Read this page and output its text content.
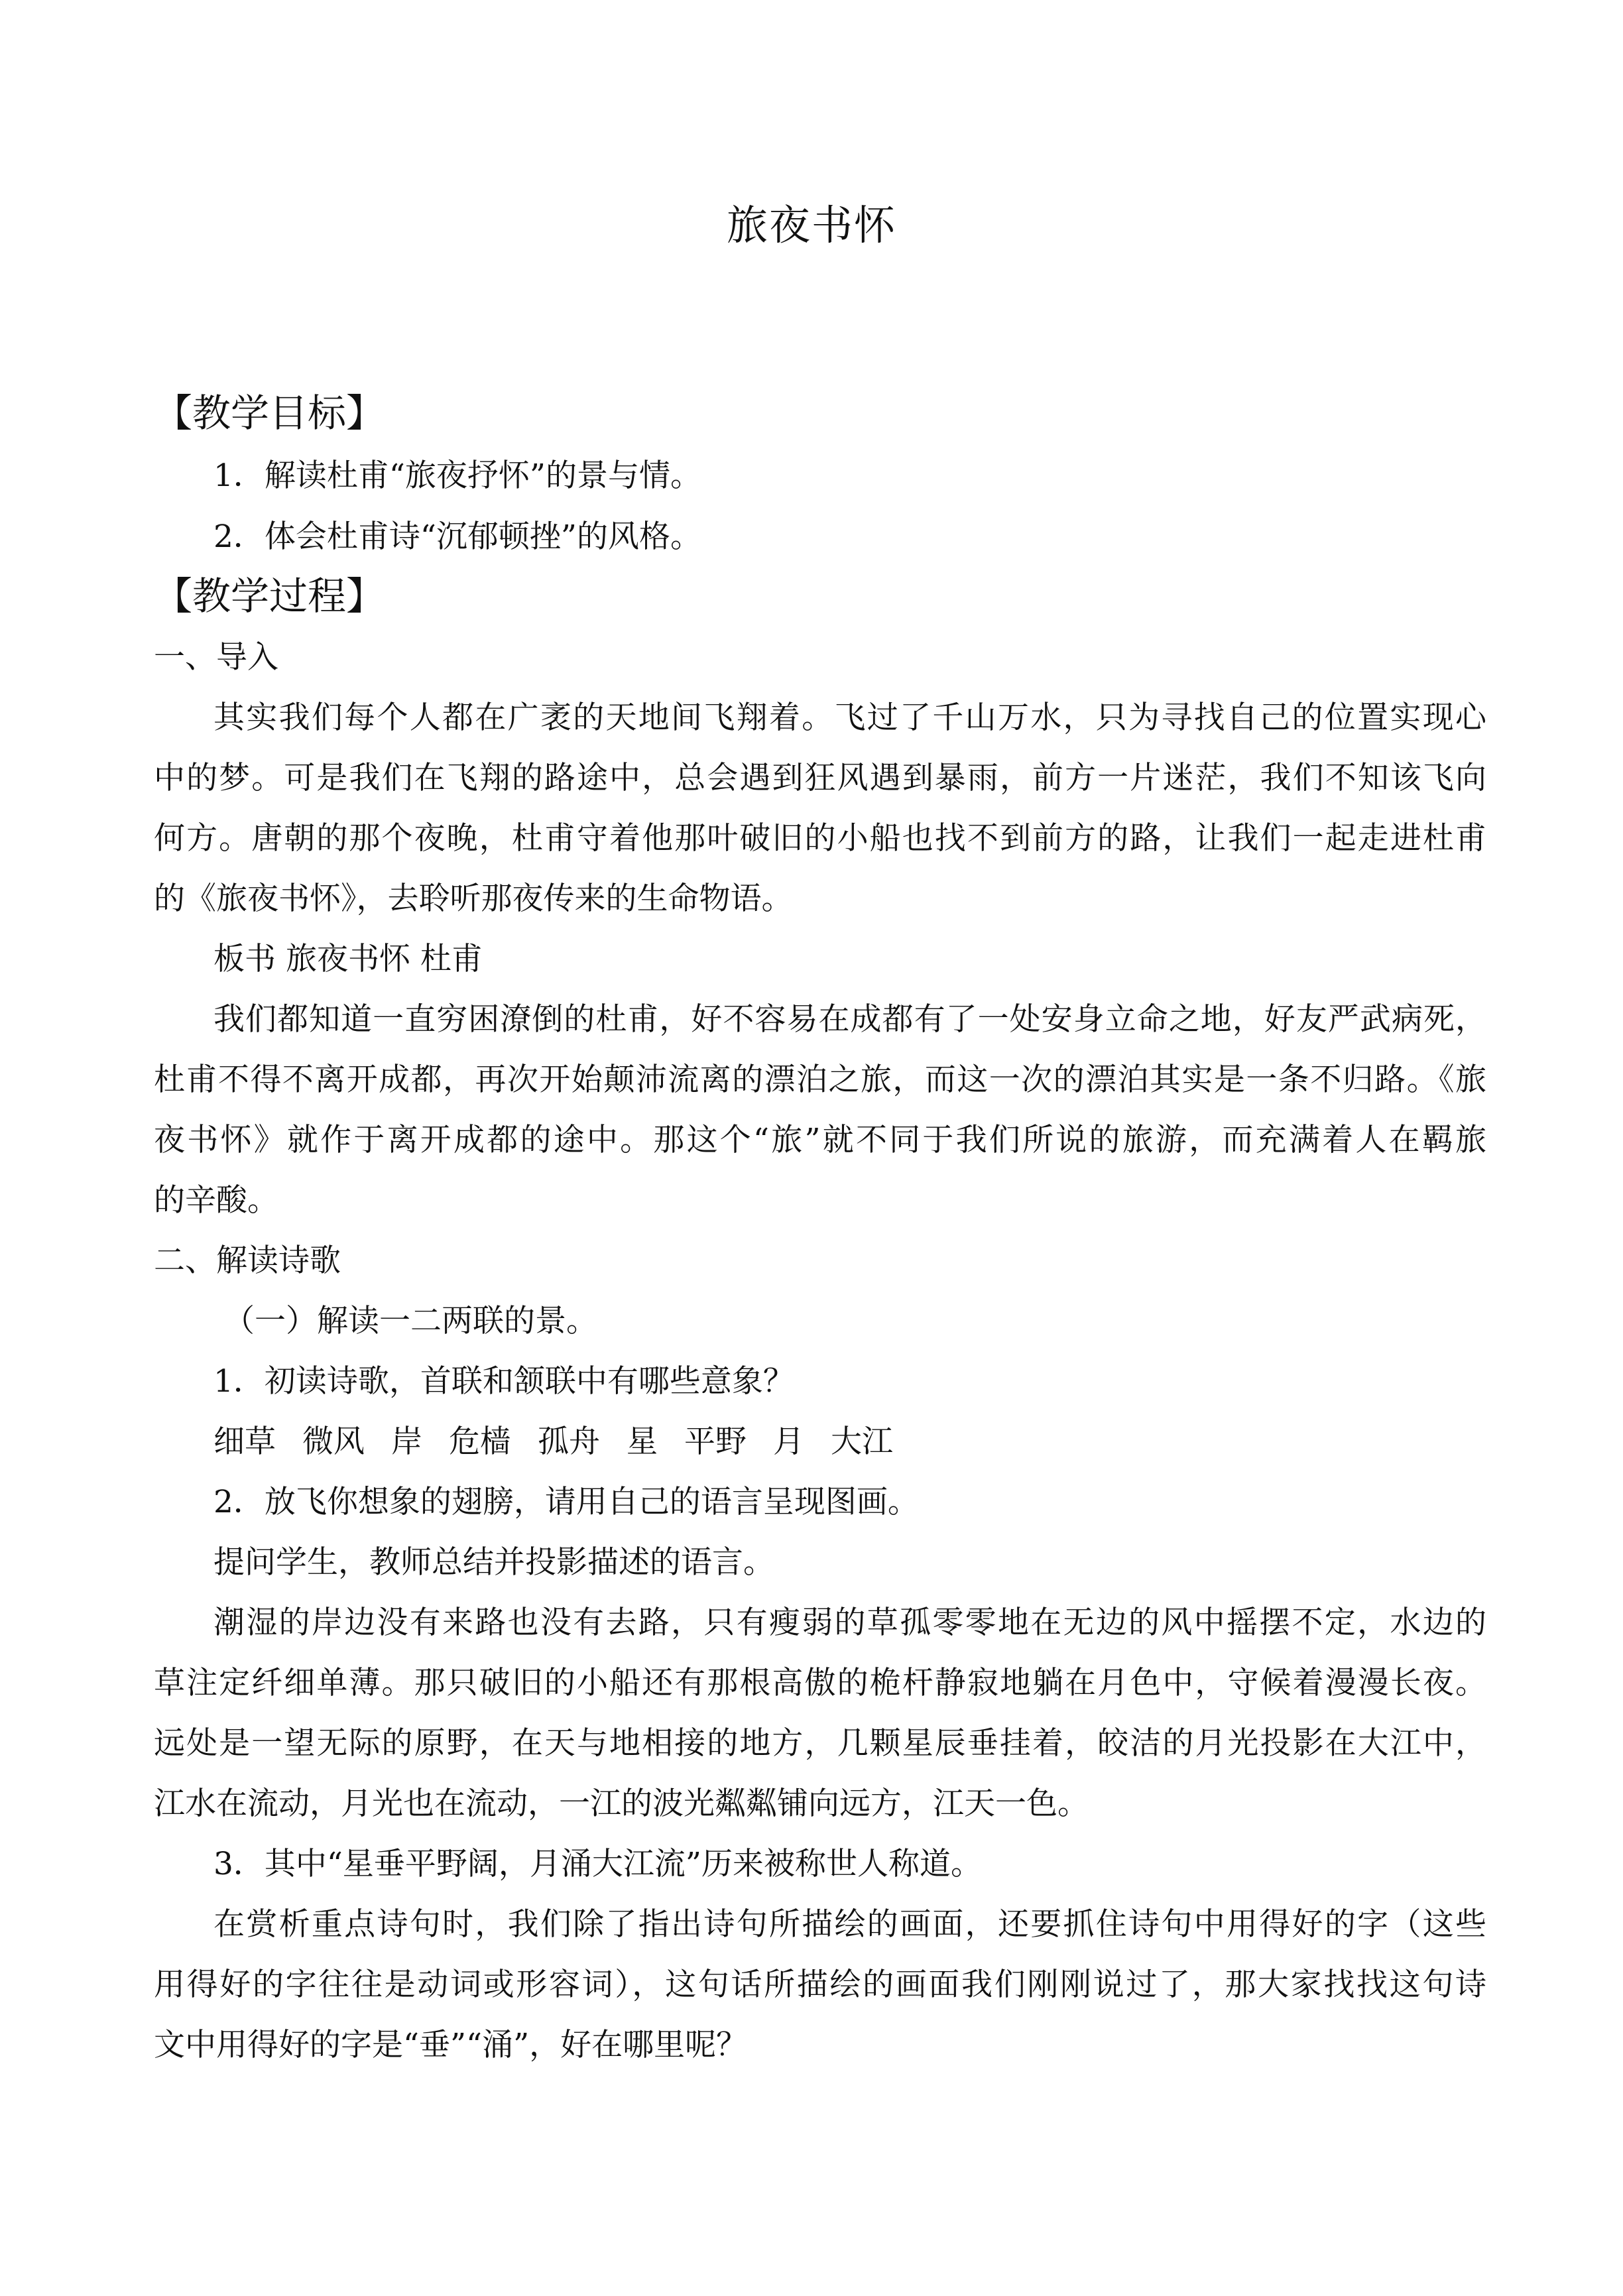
旅夜书怀
【教学目标】
1．解读杜甫“旅夜抒怀”的景与情。
2．体会杜甫诗“沉郁顿挫”的风格。
【教学过程】
一、导入
其实我们每个人都在广袤的天地间飞翔着。飞过了千山万水，只为寻找自己的位置实现心
中的梦。可是我们在飞翔的路途中，总会遇到狂风遇到暴雨，前方一片迷茫，我们不知该飞向
何方。唐朝的那个夜晚，杜甫守着他那叶破旧的小船也找不到前方的路，让我们一起走进杜甫
的《旅夜书怀》，去聆听那夜传来的生命物语。
板书 旅夜书怀 杜甫
我们都知道一直穷困潦倒的杜甫，好不容易在成都有了一处安身立命之地，好友严武病死，
杜甫不得不离开成都，再次开始颠沛流离的漂泊之旅，而这一次的漂泊其实是一条不归路。《旅
夜书怀》就作于离开成都的途中。那这个“旅”就不同于我们所说的旅游，而充满着人在羁旅
的辛酸。
二、解读诗歌
（一）解读一二两联的景。
1．初读诗歌，首联和颔联中有哪些意象？
细草 微风 岸 危樯 孤舟 星 平野 月 大江
2．放飞你想象的翅膀，请用自己的语言呈现图画。
提问学生，教师总结并投影描述的语言。
潮湿的岸边没有来路也没有去路，只有瘦弱的草孤零零地在无边的风中摇摆不定，水边的
草注定纤细单薄。那只破旧的小船还有那根高傲的桅杆静寂地躺在月色中，守候着漫漫长夜。
远处是一望无际的原野，在天与地相接的地方，几颗星辰垂挂着，皎洁的月光投影在大江中，
江水在流动，月光也在流动，一江的波光粼粼铺向远方，江天一色。
3．其中“星垂平野阔，月涌大江流”历来被称世人称道。
在赏析重点诗句时，我们除了指出诗句所描绘的画面，还要抓住诗句中用得好的字（这些
用得好的字往往是动词或形容词），这句话所描绘的画面我们刚刚说过了，那大家找找这句诗
文中用得好的字是“垂”“涌”，好在哪里呢？
